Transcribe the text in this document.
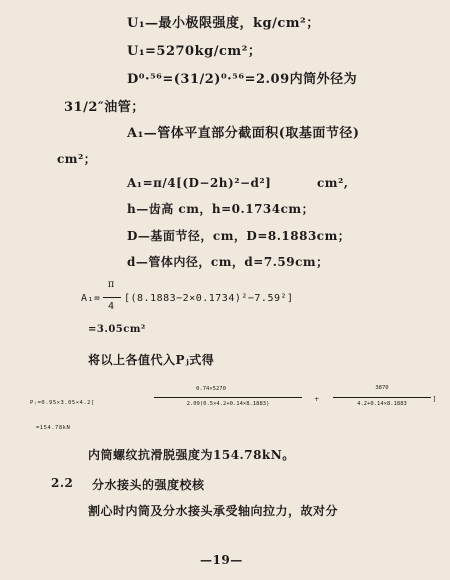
U₁—最小极限强度，kg/cm²；
U₁=5270kg/cm²；
D⁰·⁵⁶=(31/2)⁰·⁵⁶=2.09内筒外径为
31/2″油管；
A₁—管体平直部分截面积(取基面节径)
cm²；
A₁=π/4[(D−2h)²−d²]	cm²,
h—齿高 cm，h=0.1734cm；
D—基面节径，cm，D=8.1883cm；
d—管体内径，cm，d=7.59cm；
A₁=
π
4
[(8.1883−2×0.1734)²−7.59²]
=3.05cm²
将以上各值代入Pⱼ式得
Pⱼ=0.95×3.05×4.2[
0.74×5270
2.09(0.5×4.2+0.14×8.1883)
+
3870
4.2+0.14×8.1883
]
=154.78kN
内筒螺纹抗滑脱强度为154.78kN。
2.2 分水接头的强度校核
割心时内筒及分水接头承受轴向拉力，故对分
—19—
